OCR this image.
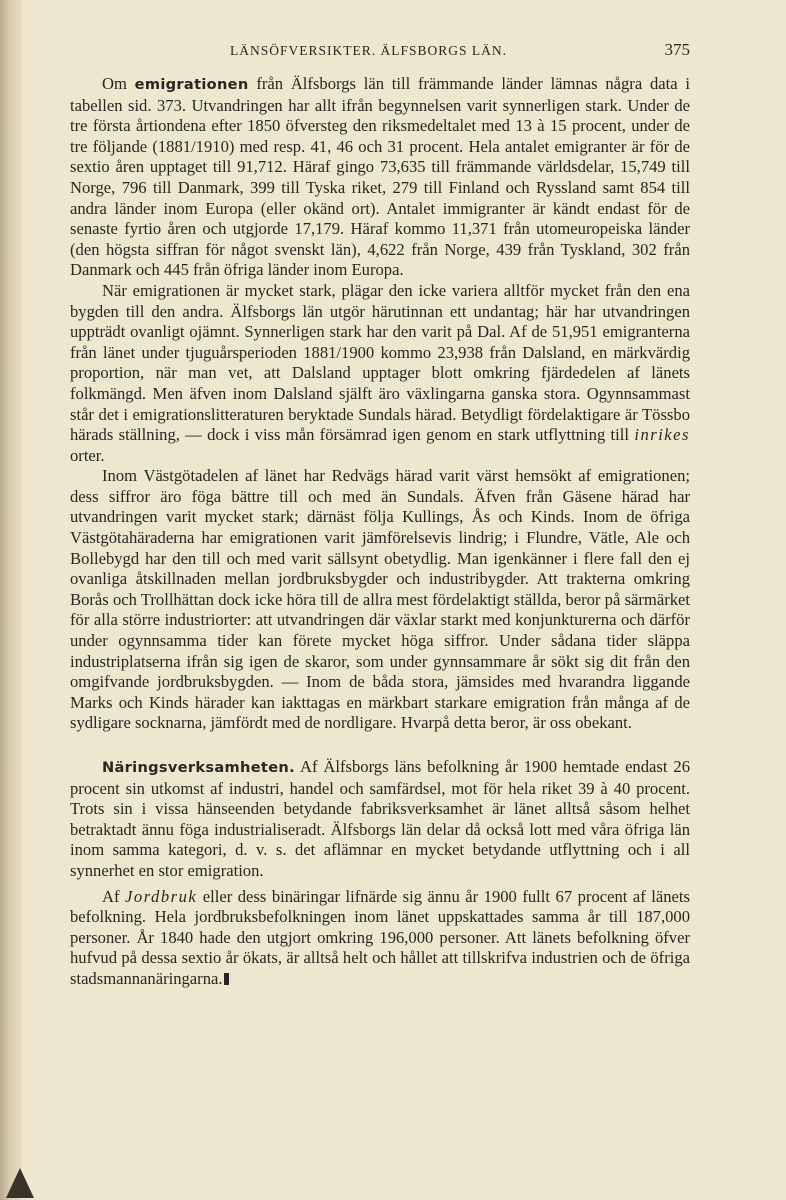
LÄNSÖFVERSIKTER. ÄLFSBORGS LÄN.	375

Om emigrationen från Älfsborgs län till främmande länder lämnas några data i tabellen sid. 373. Utvandringen har allt ifrån begynnelsen varit synnerligen stark. Under de tre första årtiondena efter 1850 öfversteg den riksmedeltalet med 13 à 15 procent, under de tre följande (1881/1910) med resp. 41, 46 och 31 procent. Hela antalet emigranter är för de sextio åren upptaget till 91,712. Häraf gingo 73,635 till främmande världsdelar, 15,749 till Norge, 796 till Danmark, 399 till Tyska riket, 279 till Finland och Ryssland samt 854 till andra länder inom Europa (eller okänd ort). Antalet immigranter är kändt endast för de senaste fyrtio åren och utgjorde 17,179. Häraf kommo 11,371 från utomeuropeiska länder (den högsta siffran för något svenskt län), 4,622 från Norge, 439 från Tyskland, 302 från Danmark och 445 från öfriga länder inom Europa.

När emigrationen är mycket stark, plägar den icke variera alltför mycket från den ena bygden till den andra. Älfsborgs län utgör härutinnan ett undantag; här har utvandringen uppträdt ovanligt ojämnt. Synnerligen stark har den varit på Dal. Af de 51,951 emigranterna från länet under tjuguårsperioden 1881/1900 kommo 23,938 från Dalsland, en märkvärdig proportion, när man vet, att Dalsland upptager blott omkring fjärdedelen af länets folkmängd. Men äfven inom Dalsland själft äro växlingarna ganska stora. Ogynnsammast står det i emigrationslitteraturen beryktade Sundals härad. Betydligt fördelaktigare är Tössbo härads ställning, — dock i viss mån försämrad igen genom en stark utflyttning till inrikes orter.

Inom Västgötadelen af länet har Redvägs härad varit värst hemsökt af emigrationen; dess siffror äro föga bättre till och med än Sundals. Äfven från Gäsene härad har utvandringen varit mycket stark; därnäst följa Kullings, Ås och Kinds. Inom de öfriga Västgötahäraderna har emigrationen varit jämförelsevis lindrig; i Flundre, Vätle, Ale och Bollebygd har den till och med varit sällsynt obetydlig. Man igenkänner i flere fall den ej ovanliga åtskillnaden mellan jordbruksbygder och industribygder. Att trakterna omkring Borås och Trollhättan dock icke höra till de allra mest fördelaktigt ställda, beror på särmärket för alla större industriorter: att utvandringen där växlar starkt med konjunkturerna och därför under ogynnsamma tider kan förete mycket höga siffror. Under sådana tider släppa industriplatserna ifrån sig igen de skaror, som under gynnsammare år sökt sig dit från den omgifvande jordbruksbygden. — Inom de båda stora, jämsides med hvarandra liggande Marks och Kinds härader kan iakttagas en märkbart starkare emigration från många af de sydligare socknarna, jämfördt med de nordligare. Hvarpå detta beror, är oss obekant.

Näringsverksamheten. Af Älfsborgs läns befolkning år 1900 hemtade endast 26 procent sin utkomst af industri, handel och samfärdsel, mot för hela riket 39 à 40 procent. Trots sin i vissa hänseenden betydande fabriksverksamhet är länet alltså såsom helhet betraktadt ännu föga industrialiseradt. Älfsborgs län delar då också lott med våra öfriga län inom samma kategori, d. v. s. det aflämnar en mycket betydande utflyttning och i all synnerhet en stor emigration.

Af Jordbruk eller dess binäringar lifnärde sig ännu år 1900 fullt 67 procent af länets befolkning. Hela jordbruksbefolkningen inom länet uppskattades samma år till 187,000 personer. År 1840 hade den utgjort omkring 196,000 personer. Att länets befolkning öfver hufvud på dessa sextio år ökats, är alltså helt och hållet att tillskrifva industrien och de öfriga stadsmannanäringarna.
